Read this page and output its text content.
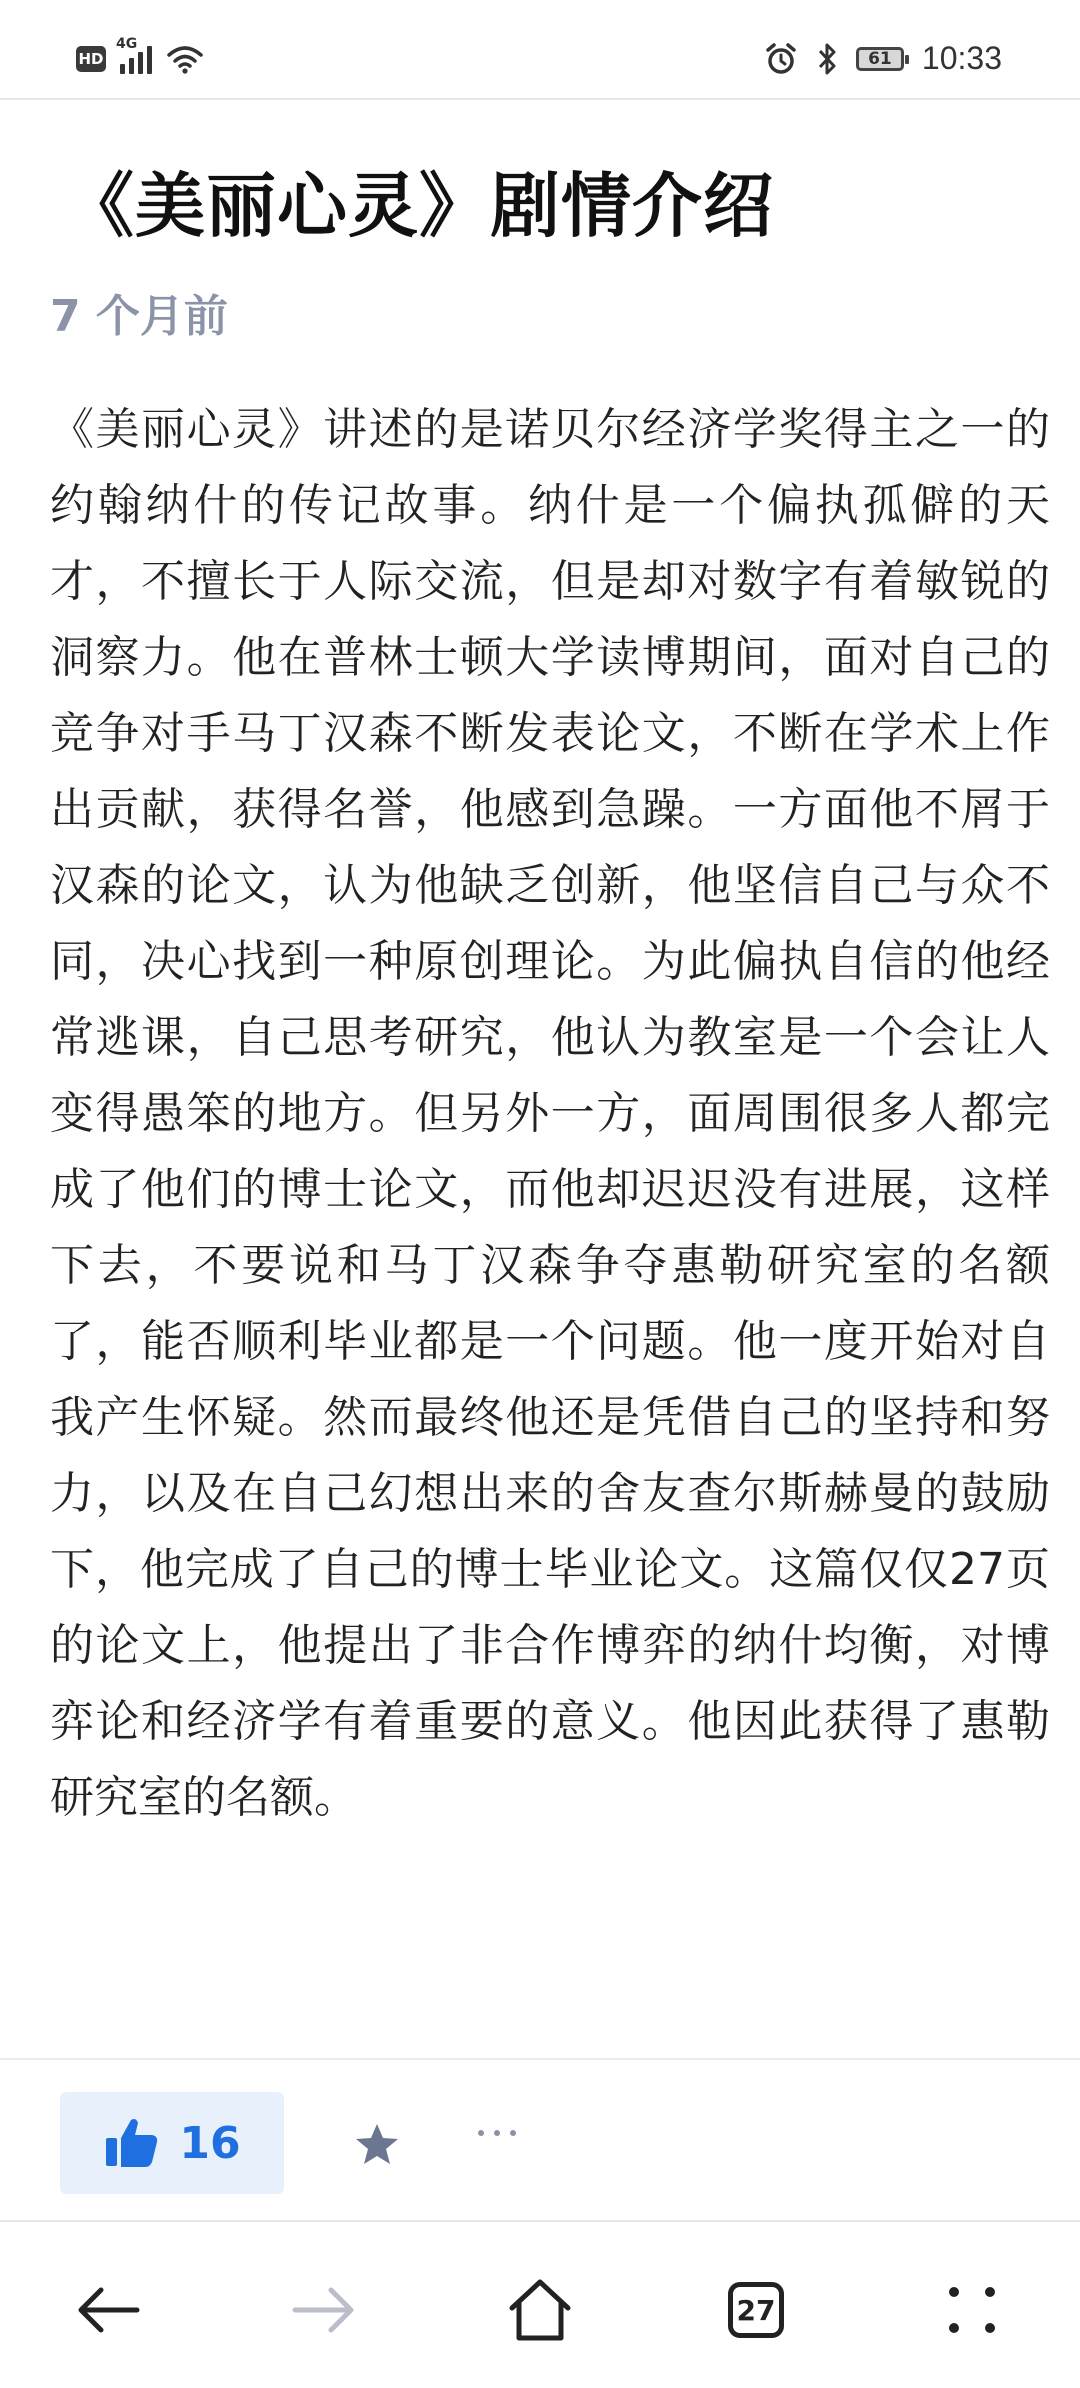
HD
4G
61 10:33
《美丽心灵》剧情介绍
7 个月前

《美丽心灵》讲述的是诺贝尔经济学奖得主之一的约翰纳什的传记故事。纳什是一个偏执孤僻的天才，不擅长于人际交流，但是却对数字有着敏锐的洞察力。他在普林士顿大学读博期间，面对自己的竞争对手马丁汉森不断发表论文，不断在学术上作出贡献，获得名誉，他感到急躁。一方面他不屑于汉森的论文，认为他缺乏创新，他坚信自己与众不同，决心找到一种原创理论。为此偏执自信的他经常逃课，自己思考研究，他认为教室是一个会让人变得愚笨的地方。但另外一方，面周围很多人都完成了他们的博士论文，而他却迟迟没有进展，这样下去，不要说和马丁汉森争夺惠勒研究室的名额了，能否顺利毕业都是一个问题。他一度开始对自我产生怀疑。然而最终他还是凭借自己的坚持和努力，以及在自己幻想出来的舍友查尔斯赫曼的鼓励下，他完成了自己的博士毕业论文。这篇仅仅27页的论文上，他提出了非合作博弈的纳什均衡，对博弈论和经济学有着重要的意义。他因此获得了惠勒研究室的名额。

16
27
